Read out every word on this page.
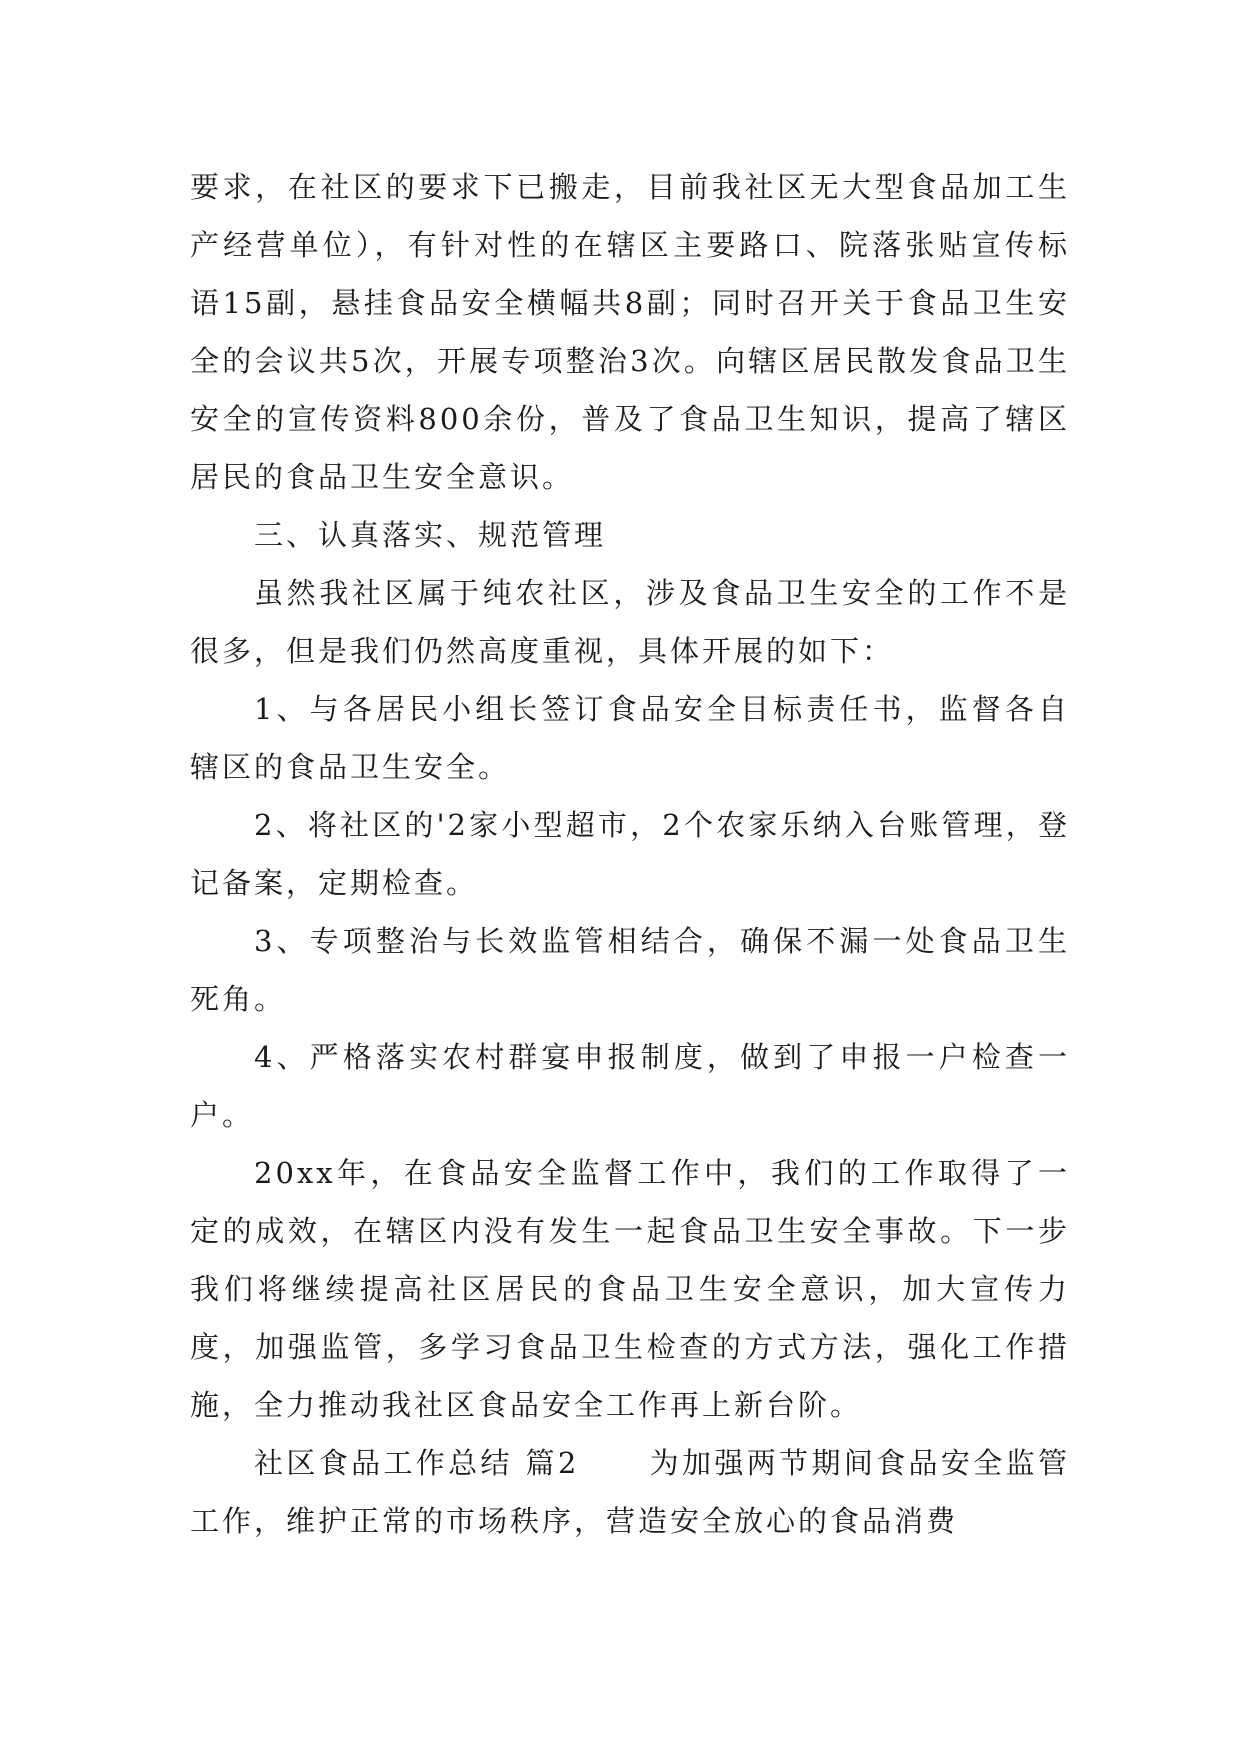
要求，在社区的要求下已搬走，目前我社区无大型食品加工生产经营单位），有针对性的在辖区主要路口、院落张贴宣传标语15副，悬挂食品安全横幅共8副；同时召开关于食品卫生安全的会议共5次，开展专项整治3次。向辖区居民散发食品卫生安全的宣传资料800余份，普及了食品卫生知识，提高了辖区居民的食品卫生安全意识。

三、认真落实、规范管理

虽然我社区属于纯农社区，涉及食品卫生安全的工作不是很多，但是我们仍然高度重视，具体开展的如下：

1、与各居民小组长签订食品安全目标责任书，监督各自辖区的食品卫生安全。

2、将社区的'2家小型超市，2个农家乐纳入台账管理，登记备案，定期检查。

3、专项整治与长效监管相结合，确保不漏一处食品卫生死角。

4、严格落实农村群宴申报制度，做到了申报一户检查一户。

20xx年，在食品安全监督工作中，我们的工作取得了一定的成效，在辖区内没有发生一起食品卫生安全事故。下一步我们将继续提高社区居民的食品卫生安全意识，加大宣传力度，加强监管，多学习食品卫生检查的方式方法，强化工作措施，全力推动我社区食品安全工作再上新台阶。

社区食品工作总结 篇2 为加强两节期间食品安全监管工作，维护正常的市场秩序，营造安全放心的食品消费
